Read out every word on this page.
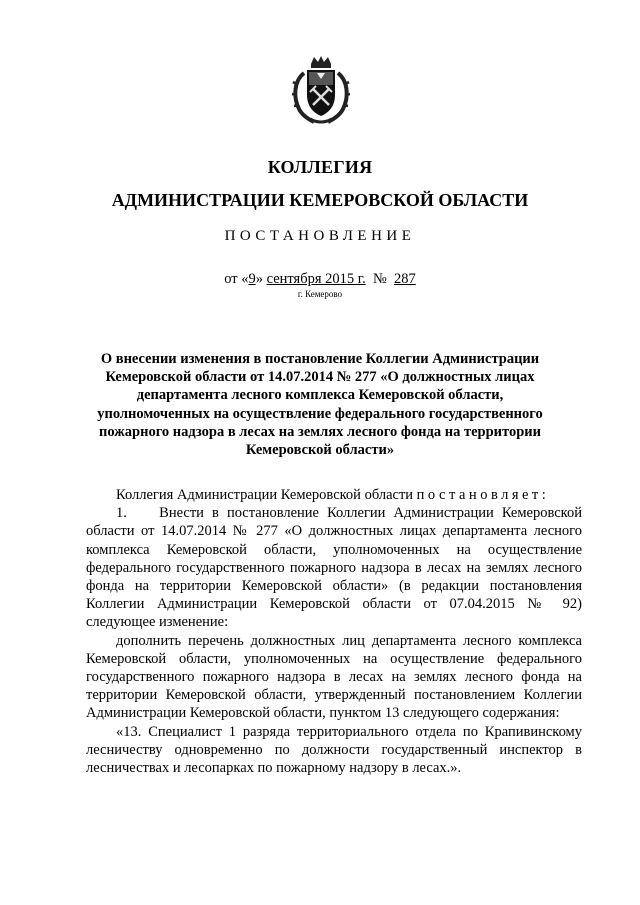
КОЛЛЕГИЯ
АДМИНИСТРАЦИИ КЕМЕРОВСКОЙ ОБЛАСТИ
ПОСТАНОВЛЕНИЕ
от «9» сентября 2015 г. № 287
г. Кемерово
О внесении изменения в постановление Коллегии Администрации Кемеровской области от 14.07.2014 № 277 «О должностных лицах департамента лесного комплекса Кемеровской области, уполномоченных на осуществление федерального государственного пожарного надзора в лесах на землях лесного фонда на территории Кемеровской области»

Коллегия Администрации Кемеровской области постановляет:

1.    Внести в постановление Коллегии Администрации Кемеровской области от 14.07.2014 № 277 «О должностных лицах департамента лесного комплекса Кемеровской области, уполномоченных на осуществление федерального государственного пожарного надзора в лесах на землях лесного фонда на территории Кемеровской области» (в редакции постановления Коллегии Администрации Кемеровской области от 07.04.2015 № 92) следующее изменение:

дополнить перечень должностных лиц департамента лесного комплекса Кемеровской области, уполномоченных на осуществление федерального государственного пожарного надзора в лесах на землях лесного фонда на территории Кемеровской области, утвержденный постановлением Коллегии Администрации Кемеровской области, пунктом 13 следующего содержания:

«13. Специалист 1 разряда территориального отдела по Крапивинскому лесничеству одновременно по должности государственный инспектор в лесничествах и лесопарках по пожарному надзору в лесах.».
